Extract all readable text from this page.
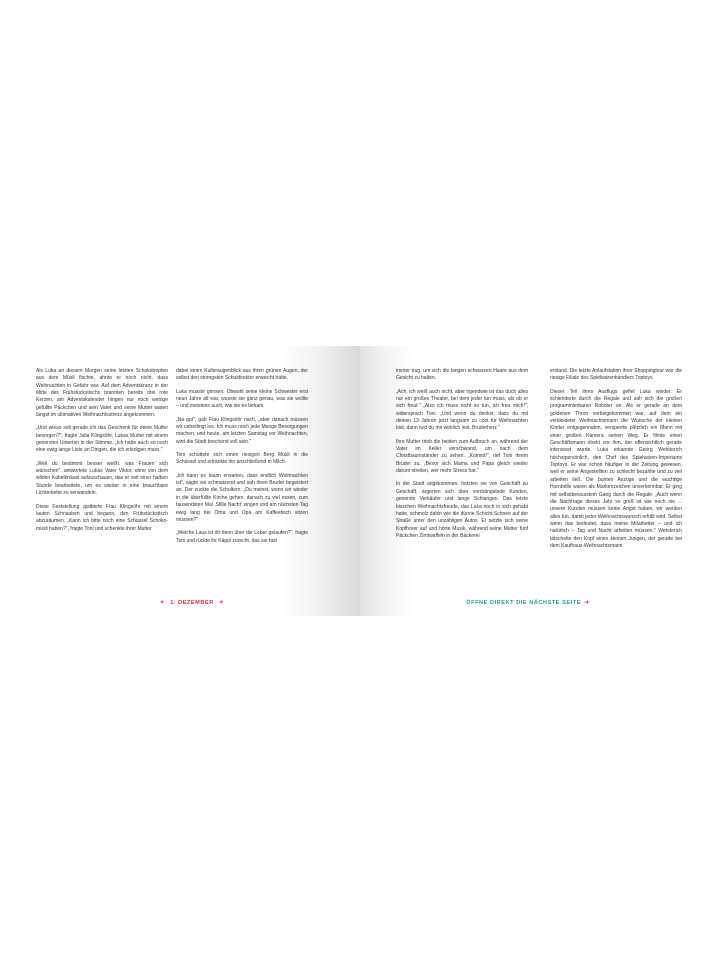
Als Luka an diesem Morgen seine letzten Schokotropfen aus dem Müsli fischte, ahnte er noch nicht, dass Weihnachten in Gefahr war. Auf dem Adventskranz in der Mitte des Frühstückstischs brannten bereits drei rote Kerzen, am Adventskalender hingen nur noch wenige gefüllte Päckchen und sein Vater und seine Mutter waren längst im ultimativen Weihnachtsstress angekommen.

„Und wieso soll gerade ich das Geschenk für deine Mutter besorgen?", fragte Julia Klingsöhr, Lukas Mutter mit einem genervten Unterton in der Stimme. „Ich habe auch so noch eine ewig lange Liste an Dingen, die ich erledigen muss."

„Weil du bestimmt besser weißt, was Frauen sich wünschen", antwortete Lukas Vater Viktor, ohne von dem wilden Kabelknäuel aufzuschauen, das er seit einer halben Stunde bearbeitete, um es wieder in eine brauchbare Lichterkette zu verwandeln.

Diese Feststellung quittierte Frau Klingsöhr mit einem lauten Schnauben und begann, den Frühstückstisch abzuräumen. „Kann ich bitte noch eine Schüssel Schoko-müsli haben?", fragte Toni und schenkte ihrer Mutter

dabei einen Kulleraugenblick aus ihren grünen Augen, der selbst den strengsten Schuldirektor erweicht hätte.

Luka musste grinsen. Obwohl seine kleine Schwester erst neun Jahre alt war, wusste sie ganz genau, was sie wollte – und meistens auch, wie sie es bekam.

„Na gut", gab Frau Klingsöhr nach, „aber danach müssen wir unbedingt los. Ich muss noch jede Menge Besorgungen machen, und heute, am letzten Samstag vor Weihnachten, wird die Stadt brechend voll sein."

Toni schüttete sich einen riesigen Berg Müsli in die Schüssel und ertränkte ihn anschließend in Milch.

„Ich kann es kaum erwarten, dass endlich Weihnachten ist", sagte sie schmatzend und sah ihren Bruder begeistert an. Der zuckte die Schultern. „Du meinst, wenn wir wieder in die überfüllte Kirche gehen, danach zu viel essen, zum tausendsten Mal ‚Stille Nacht' singen und am nächsten Tag ewig lang bei Oma und Opa am Kaffeetisch sitzen müssen?"

„Welche Laus ist dir denn über die Leber gelaufen?", fragte Toni und rückte ihr Käppi zurecht, das sie fast

✶ 1. DEZEMBER ✶

immer trug, um sich die langen schwarzen Haare aus dem Gesicht zu halten.

„Ach, ich weiß auch nicht, aber irgendwie ist das doch alles nur ein großes Theater, bei dem jeder tun muss, als ob er sich freut." „Also ich muss nicht so tun, ich freu mich!", widersprach Toni. „Und wenn du denkst, dass du mit deinen 13 Jahren jetzt langsam zu cool für Weihnachten bist, dann tust du mir wirklich leid, Bruderherz."

Ihre Mutter trieb die beiden zum Aufbruch an, während der Vater im Keller verschwand, um nach dem Christbaumständer zu sehen. „Kommt!", rief Toni ihrem Bruder zu. „Bevor sich Mama und Papa gleich wieder darum streiten, wer mehr Stress hat."

In der Stadt angekommen, hetzten sie von Geschäft zu Geschäft, ärgerten sich über vordrängelnde Kunden, genervte Verkäufer und lange Schlangen. Das letzte bisschen Weihnachtsfreude, das Luka noch in sich gehabt hatte, schmolz dahin wie die dünne Schicht Schnee auf der Straße unter den unzähligen Autos. Er setzte sich seine Kopfhörer auf und hörte Musik, während seine Mutter fünf Päckchen Zimtwaffeln in der Bäckerei

erstand. Die letzte Anlaufstation ihrer Shoppingtour war die riesige Filiale des Spielwarenhändlers Toptoys.

Dieser Teil ihres Ausflugs gefiel Luka wieder. Er schlenderte durch die Regale und sah sich die großen programmierbaren Roboter an. Als er gerade an dem goldenen Thron vorbeigekommen war, auf dem ein verkleideter Weihnachtsmann die Wünsche der kleinen Kinder entgegennahm, versperrte plötzlich ein Mann mit einer großen Kamera seinen Weg. Er filmte einen Geschäftsmann direkt vor ihm, der offensichtlich gerade interviewt wurde. Luka erkannte Georg Wenderich höchstpersönlich, den Chef des Spielwaren-Imperiums Toptoys. Er war schon häufiger in der Zeitung gewesen, weil er seine Angestellten zu schlecht bezahlte und zu viel arbeiten ließ. Die bunten Anzüge und die wuchtige Hornbrille waren als Markenzeichen unverkennbar. Er ging mit selbstbewusstem Gang durch die Regale: „Auch wenn die Nachfrage dieses Jahr so groß ist wie noch nie ... unsere Kunden müssen keine Angst haben, wir werden alles tun, damit jeder Weihnachtswunsch erfüllt wird. Selbst wenn das bedeutet, dass meine Mitarbeiter – und ich natürlich – Tag und Nacht arbeiten müssen." Wenderich tätschelte den Kopf eines kleinen Jungen, der gerade bei dem Kaufhaus-Weihnachtsmann

ÖFFNE DIREKT DIE NÄCHSTE SEITE ➜
